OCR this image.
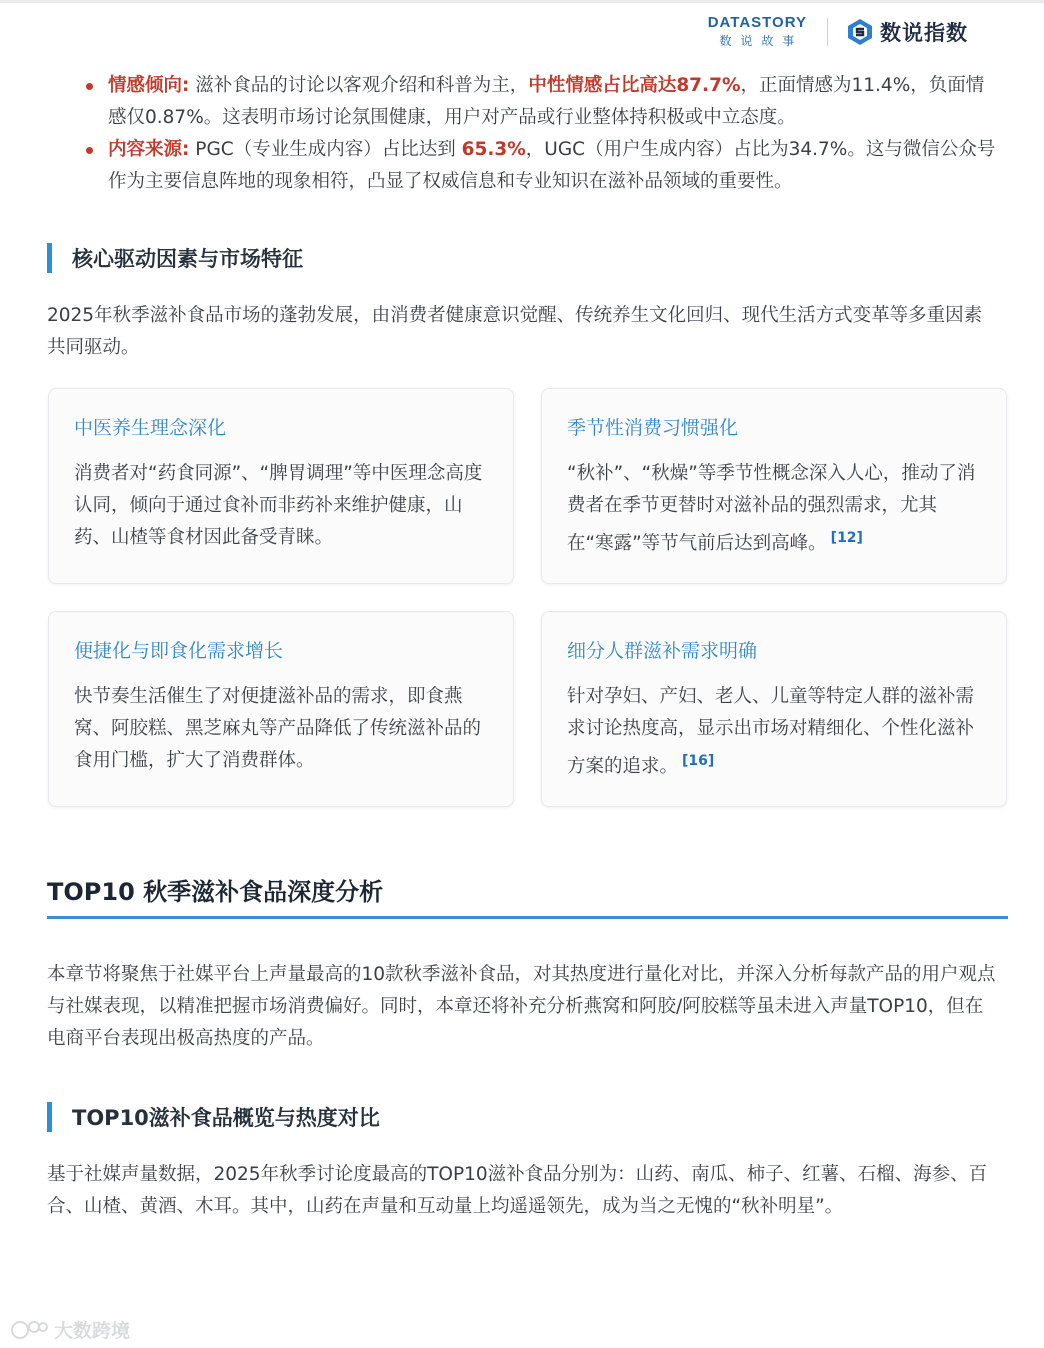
DATASTORY
数说故事	数说指数
情感倾向: 滋补食品的讨论以客观介绍和科普为主，中性情感占比高达87.7%，正面情感为11.4%，负面情感仅0.87%。这表明市场讨论氛围健康，用户对产品或行业整体持积极或中立态度。
内容来源: PGC（专业生成内容）占比达到 65.3%，UGC（用户生成内容）占比为34.7%。这与微信公众号作为主要信息阵地的现象相符，凸显了权威信息和专业知识在滋补品领域的重要性。
核心驱动因素与市场特征

2025年秋季滋补食品市场的蓬勃发展，由消费者健康意识觉醒、传统养生文化回归、现代生活方式变革等多重因素共同驱动。

中医养生理念深化

消费者对“药食同源”、“脾胃调理”等中医理念高度认同，倾向于通过食补而非药补来维护健康，山药、山楂等食材因此备受青睐。

季节性消费习惯强化

“秋补”、“秋燥”等季节性概念深入人心，推动了消费者在季节更替时对滋补品的强烈需求，尤其在“寒露”等节气前后达到高峰。 [12]

便捷化与即食化需求增长

快节奏生活催生了对便捷滋补品的需求，即食燕窝、阿胶糕、黑芝麻丸等产品降低了传统滋补品的食用门槛，扩大了消费群体。

细分人群滋补需求明确

针对孕妇、产妇、老人、儿童等特定人群的滋补需求讨论热度高，显示出市场对精细化、个性化滋补方案的追求。 [16]

TOP10 秋季滋补食品深度分析

本章节将聚焦于社媒平台上声量最高的10款秋季滋补食品，对其热度进行量化对比，并深入分析每款产品的用户观点与社媒表现，以精准把握市场消费偏好。同时，本章还将补充分析燕窝和阿胶/阿胶糕等虽未进入声量TOP10，但在电商平台表现出极高热度的产品。

TOP10滋补食品概览与热度对比

基于社媒声量数据，2025年秋季讨论度最高的TOP10滋补食品分别为：山药、南瓜、柿子、红薯、石榴、海参、百合、山楂、黄酒、木耳。其中，山药在声量和互动量上均遥遥领先，成为当之无愧的“秋补明星”。

大数跨境
